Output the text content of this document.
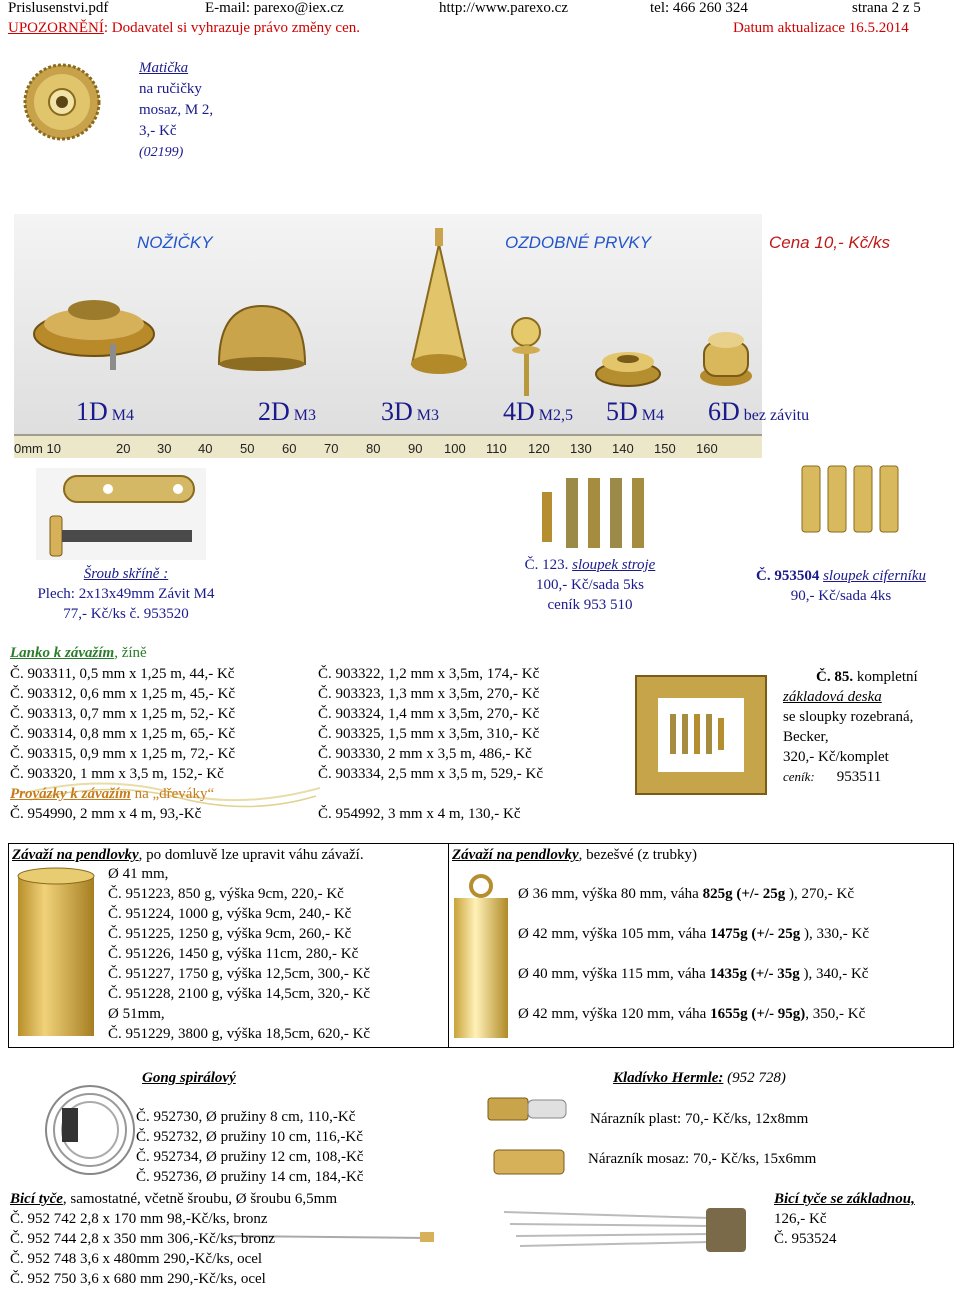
Prislusenstvi.pdf	E-mail: parexo@iex.cz	http://www.parexo.cz	tel: 466 260 324	strana 2 z 5
UPOZORNĚNÍ: Dodavatel si vyhrazuje právo změny cen.	Datum aktualizace 16.5.2014
Matička
na ručičky
mosaz, M 2,
3,- Kč
(02199)
NOŽIČKY	OZDOBNÉ PRVKY	Cena 10,- Kč/ks
1D M4	2D M3 3D M3 4D M2,5 5D M4 6D bez závitu
0mm 10	20 30 40 50 60 70 80 90 100 110 120 130 140 150 160
Šroub skříně :
Plech: 2x13x49mm Závit M4
77,- Kč/ks č. 953520
Č. 123. sloupek stroje
100,- Kč/sada 5ks
ceník 953 510
Č. 953504 sloupek ciferníku
90,- Kč/sada 4ks
Lanko k závažím, žíně
Č. 903311, 0,5 mm x 1,25 m, 44,- Kč
Č. 903312, 0,6 mm x 1,25 m, 45,- Kč
Č. 903313, 0,7 mm x 1,25 m, 52,- Kč
Č. 903314, 0,8 mm x 1,25 m, 65,- Kč
Č. 903315, 0,9 mm x 1,25 m, 72,- Kč
Č. 903320, 1 mm x 3,5 m, 152,- Kč
Č. 903322, 1,2 mm x 3,5m, 174,- Kč
Č. 903323, 1,3 mm x 3,5m, 270,- Kč
Č. 903324, 1,4 mm x 3,5m, 270,- Kč
Č. 903325, 1,5 mm x 3,5m, 310,- Kč
Č. 903330, 2 mm x 3,5 m, 486,- Kč
Č. 903334, 2,5 mm x 3,5 m, 529,- Kč
Provázky k závažím na „dřeváky“
Č. 954990, 2 mm x 4 m, 93,-Kč	Č. 954992, 3 mm x 4 m, 130,- Kč
Č. 85. kompletní
základová deska
se sloupky rozebraná,
Becker,
320,- Kč/komplet
ceník: 953511
Závaží na pendlovky, po domluvě lze upravit váhu závaží.
Ø 41 mm,
Č. 951223, 850 g, výška 9cm, 220,- Kč
Č. 951224, 1000 g, výška 9cm, 240,- Kč
Č. 951225, 1250 g, výška 9cm, 260,- Kč
Č. 951226, 1450 g, výška 11cm, 280,- Kč
Č. 951227, 1750 g, výška 12,5cm, 300,- Kč
Č. 951228, 2100 g, výška 14,5cm, 320,- Kč
Ø 51mm,
Č. 951229, 3800 g, výška 18,5cm, 620,- Kč
Závaží na pendlovky, bezešvé (z trubky)
Ø 36 mm, výška 80 mm, váha 825g (+/- 25g ), 270,- Kč
Ø 42 mm, výška 105 mm, váha 1475g (+/- 25g ), 330,- Kč
Ø 40 mm, výška 115 mm, váha 1435g (+/- 35g ), 340,- Kč
Ø 42 mm, výška 120 mm, váha 1655g (+/- 95g), 350,- Kč
Gong spirálový
Č. 952730, Ø pružiny 8 cm, 110,-Kč
Č. 952732, Ø pružiny 10 cm, 116,-Kč
Č. 952734, Ø pružiny 12 cm, 108,-Kč
Č. 952736, Ø pružiny 14 cm, 184,-Kč
Kladívko Hermle: (952 728)
Nárazník plast: 70,- Kč/ks, 12x8mm
Nárazník mosaz: 70,- Kč/ks, 15x6mm
Bicí tyče, samostatné, včetně šroubu, Ø šroubu 6,5mm
Č. 952 742 2,8 x 170 mm 98,-Kč/ks, bronz
Č. 952 744 2,8 x 350 mm 306,-Kč/ks, bronz
Č. 952 748 3,6 x 480mm 290,-Kč/ks, ocel
Č. 952 750 3,6 x 680 mm 290,-Kč/ks, ocel
Bicí tyče se základnou,
126,- Kč
Č. 953524
